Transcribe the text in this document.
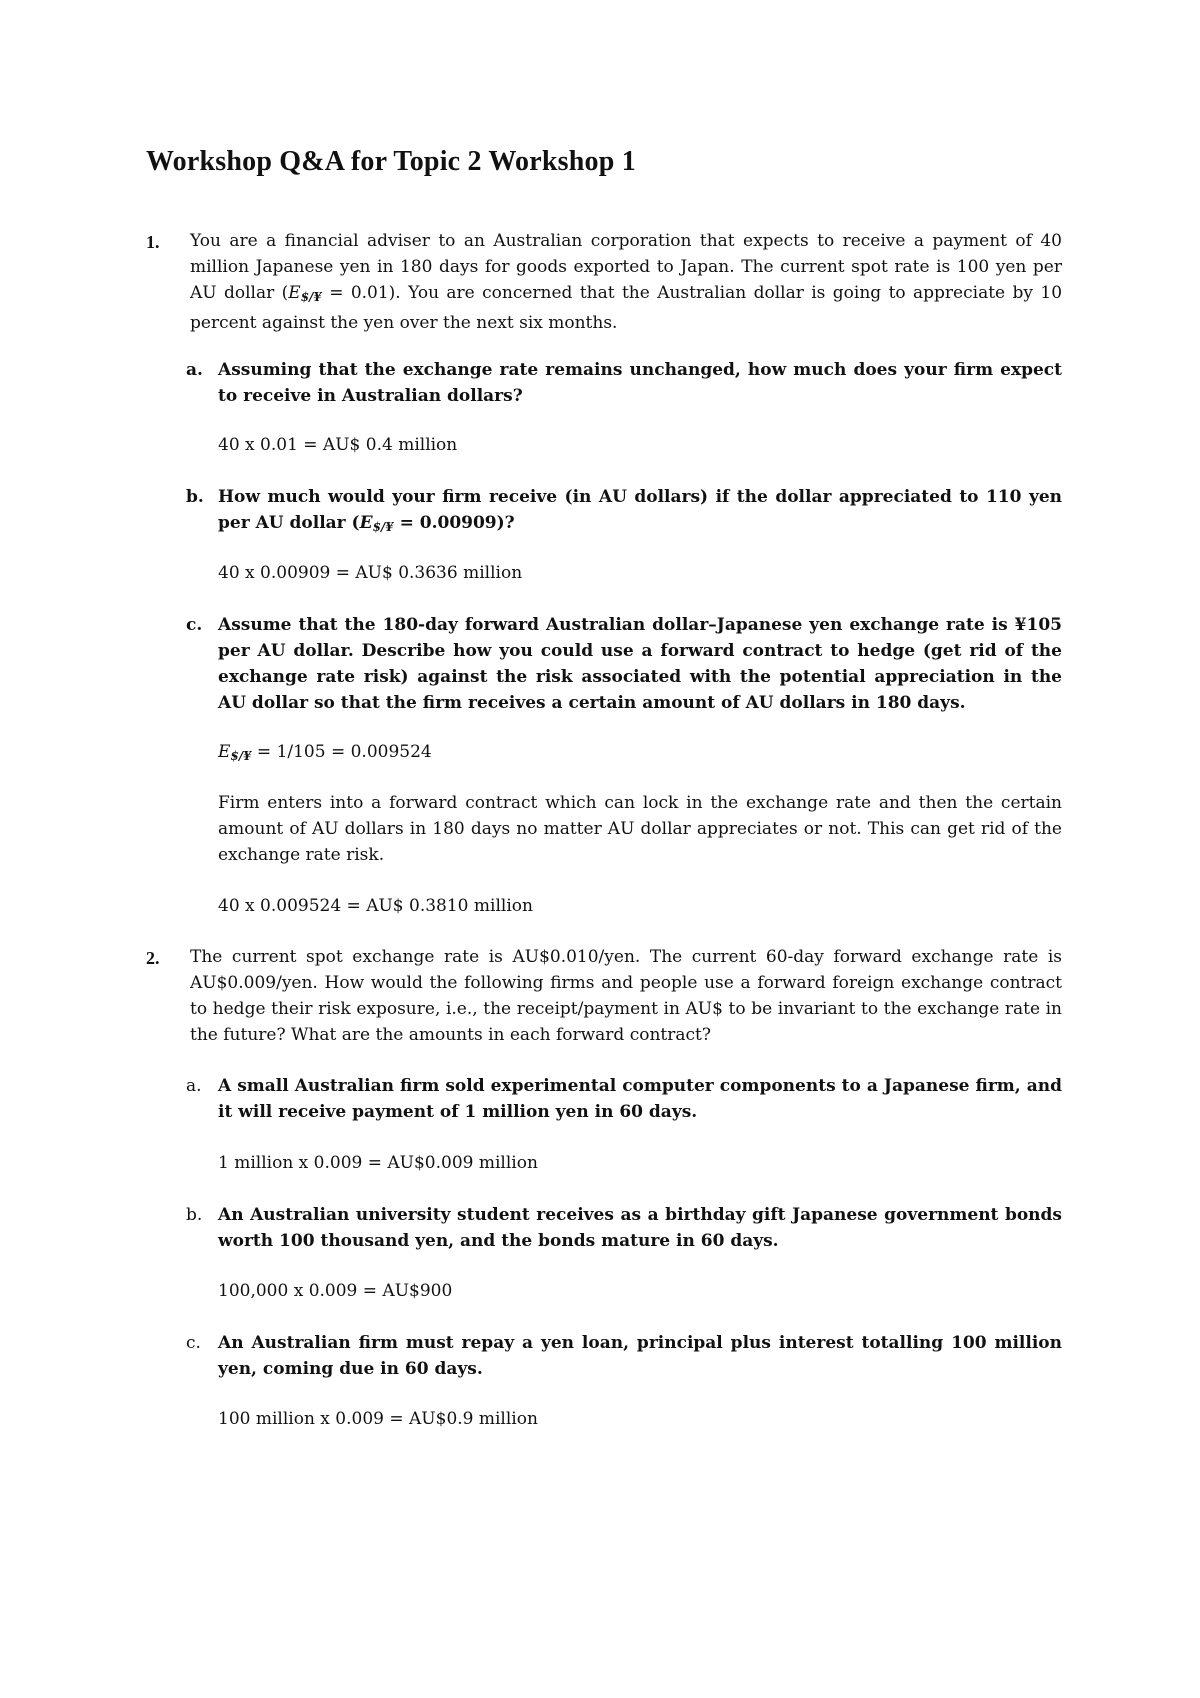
Workshop Q&A for Topic 2 Workshop 1
1. You are a financial adviser to an Australian corporation that expects to receive a payment of 40 million Japanese yen in 180 days for goods exported to Japan. The current spot rate is 100 yen per AU dollar $(E_{\$/¥} = 0.01)$. You are concerned that the Australian dollar is going to appreciate by 10 percent against the yen over the next six months.
a. Assuming that the exchange rate remains unchanged, how much does your firm expect to receive in Australian dollars?
40 x 0.01 = AU$ 0.4 million
b. How much would your firm receive (in AU dollars) if the dollar appreciated to 110 yen per AU dollar $(E_{\$/¥} = 0.00909)$?
40 x 0.00909 = AU$ 0.3636 million
c. Assume that the 180-day forward Australian dollar–Japanese yen exchange rate is ¥105 per AU dollar. Describe how you could use a forward contract to hedge (get rid of the exchange rate risk) against the risk associated with the potential appreciation in the AU dollar so that the firm receives a certain amount of AU dollars in 180 days.
$E_{\$/¥} = 1/105 = 0.009524$
Firm enters into a forward contract which can lock in the exchange rate and then the certain amount of AU dollars in 180 days no matter AU dollar appreciates or not. This can get rid of the exchange rate risk.
40 x 0.009524 = AU$ 0.3810 million
2. The current spot exchange rate is AU$0.010/yen. The current 60-day forward exchange rate is AU$0.009/yen. How would the following firms and people use a forward foreign exchange contract to hedge their risk exposure, i.e., the receipt/payment in AU$ to be invariant to the exchange rate in the future? What are the amounts in each forward contract?
a. A small Australian firm sold experimental computer components to a Japanese firm, and it will receive payment of 1 million yen in 60 days.
1 million x 0.009 = AU$0.009 million
b. An Australian university student receives as a birthday gift Japanese government bonds worth 100 thousand yen, and the bonds mature in 60 days.
100,000 x 0.009 = AU$900
c. An Australian firm must repay a yen loan, principal plus interest totalling 100 million yen, coming due in 60 days.
100 million x 0.009 = AU$0.9 million
